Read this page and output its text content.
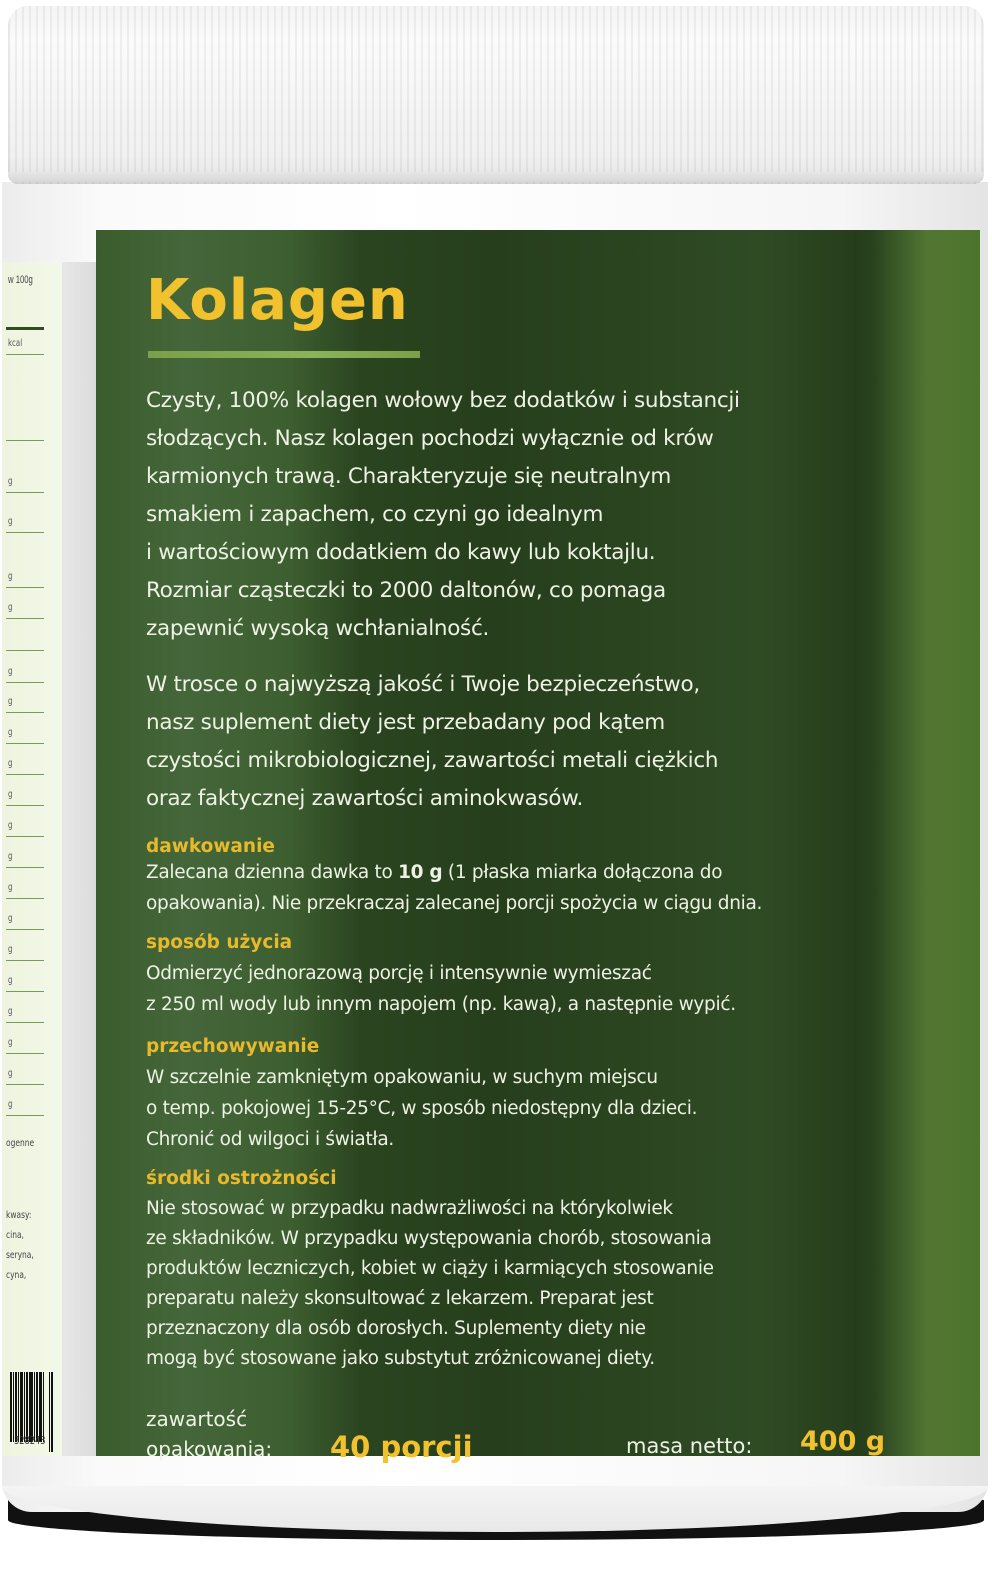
w 100g
kcal
g
g
g
g
g
g
g
g
g
g
g
g
g
g
g
g
g
g
g
ogenne
kwasy:
cina,
seryna,
cyna,
328243
Kolagen

Czysty, 100% kolagen wołowy bez dodatków i substancji

słodzących. Nasz kolagen pochodzi wyłącznie od krów

karmionych trawą. Charakteryzuje się neutralnym

smakiem i zapachem, co czyni go idealnym

i wartościowym dodatkiem do kawy lub koktajlu.

Rozmiar cząsteczki to 2000 daltonów, co pomaga

zapewnić wysoką wchłanialność.

W trosce o najwyższą jakość i Twoje bezpieczeństwo,

nasz suplement diety jest przebadany pod kątem

czystości mikrobiologicznej, zawartości metali ciężkich

oraz faktycznej zawartości aminokwasów.

dawkowanie

Zalecana dzienna dawka to 10 g (1 płaska miarka dołączona do

opakowania). Nie przekraczaj zalecanej porcji spożycia w ciągu dnia.

sposób użycia

Odmierzyć jednorazową porcję i intensywnie wymieszać

z 250 ml wody lub innym napojem (np. kawą), a następnie wypić.

przechowywanie

W szczelnie zamkniętym opakowaniu, w suchym miejscu

o temp. pokojowej 15-25°C, w sposób niedostępny dla dzieci.

Chronić od wilgoci i światła.

środki ostrożności

Nie stosować w przypadku nadwrażliwości na którykolwiek

ze składników. W przypadku występowania chorób, stosowania

produktów leczniczych, kobiet w ciąży i karmiących stosowanie

preparatu należy skonsultować z lekarzem. Preparat jest

przeznaczony dla osób dorosłych. Suplementy diety nie

mogą być stosowane jako substytut zróżnicowanej diety.

zawartość

opakowania: 40 porcji	masa netto: 400 g
